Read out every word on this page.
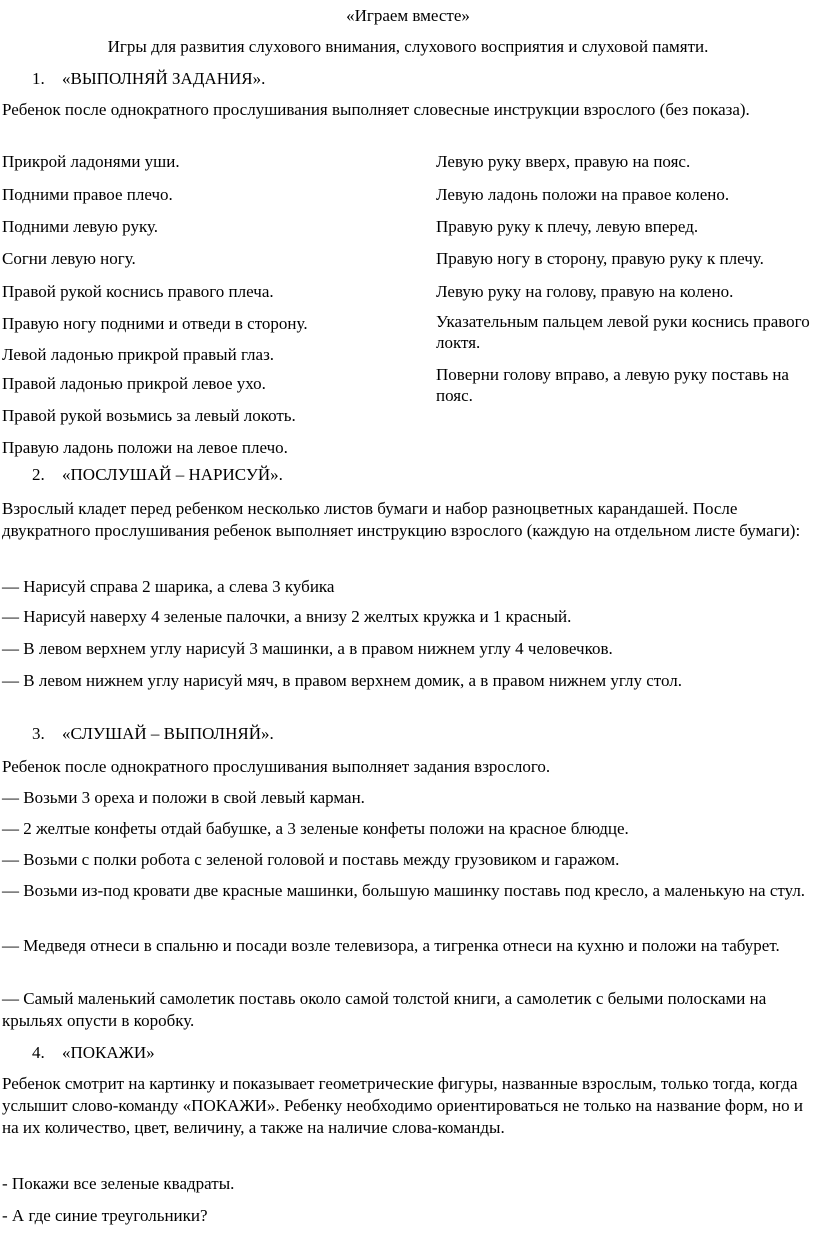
«Играем вместе»
Игры для развития слухового внимания, слухового восприятия и слуховой памяти.
1. «ВЫПОЛНЯЙ ЗАДАНИЯ».

Ребенок после однократного прослушивания выполняет словесные инструкции взрослого (без показа).

Прикрой ладонями уши.
Подними правое плечо.
Подними левую руку.
Согни левую ногу.
Правой рукой коснись правого плеча.
Правую ногу подними и отведи в сторону.
Левой ладонью прикрой правый глаз.
Правой ладонью прикрой левое ухо.
Правой рукой возьмись за левый локоть.
Правую ладонь положи на левое плечо.
Левую руку вверх, правую на пояс.
Левую ладонь положи на правое колено.
Правую руку к плечу, левую вперед.
Правую ногу в сторону, правую руку к плечу.
Левую руку на голову, правую на колено.
Указательным пальцем левой руки коснись правого локтя.
Поверни голову вправо, а левую руку поставь на пояс.
2. «ПОСЛУШАЙ – НАРИСУЙ».

Взрослый кладет перед ребенком несколько листов бумаги и набор разноцветных карандашей. После двукратного прослушивания ребенок выполняет инструкцию взрослого (каждую на отдельном листе бумаги):

— Нарисуй справа 2 шарика, а слева 3 кубика
— Нарисуй наверху 4 зеленые палочки, а внизу 2 желтых кружка и 1 красный.
— В левом верхнем углу нарисуй 3 машинки, а в правом нижнем углу 4 человечков.
— В левом нижнем углу нарисуй мяч, в правом верхнем домик, а в правом нижнем углу стол.
3. «СЛУШАЙ – ВЫПОЛНЯЙ».
Ребенок после однократного прослушивания выполняет задания взрослого.
— Возьми 3 ореха и положи в свой левый карман.
— 2 желтые конфеты отдай бабушке, а 3 зеленые конфеты положи на красное блюдце.
— Возьми с полки робота с зеленой головой и поставь между грузовиком и гаражом.

— Возьми из-под кровати две красные машинки, большую машинку поставь под кресло, а маленькую на стул.

— Медведя отнеси в спальню и посади возле телевизора, а тигренка отнеси на кухню и положи на табурет.

— Самый маленький самолетик поставь около самой толстой книги, а самолетик с белыми полосками на крыльях опусти в коробку.

4. «ПОКАЖИ»

Ребенок смотрит на картинку и показывает геометрические фигуры, названные взрослым, только тогда, когда услышит слово-команду «ПОКАЖИ». Ребенку необходимо ориентироваться не только на название форм, но и на их количество, цвет, величину, а также на наличие слова-команды.

- Покажи все зеленые квадраты.
- А где синие треугольники?
